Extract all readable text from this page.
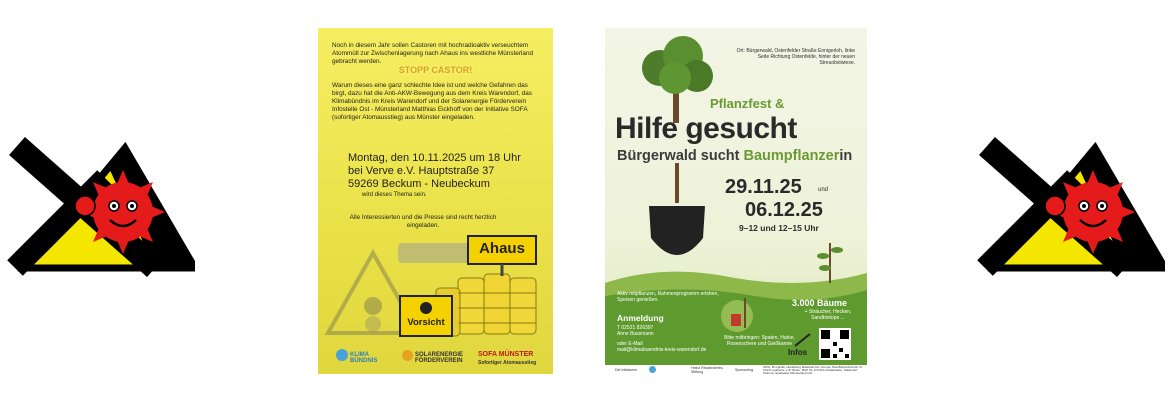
Noch in diesem Jahr sollen Castoren mit hochradioaktiv verseuchtem Atommüll zur Zwischenlagerung nach Ahaus ins westliche Münsterland gebracht werden.
STOPP CASTOR!
Warum dieses eine ganz schlechte Idee ist und welche Gefahren das birgt, dazu hat die Anti-AKW-Bewegung aus dem Kreis Warendorf, das Klimabündnis im Kreis Warendorf und der Solarenergie Förderverein Infostelle Ost - Münsterland Matthias Eickhoff von der Initiative SOFA (sofortiger Atomausstieg) aus Münster eingeladen.
Montag, den 10.11.2025 um 18 Uhr
bei Verve e.V. Hauptstraße 37
59269 Beckum - Neubeckum
wird dieses Thema sein.
Alle Interessierten und die Presse sind recht herzlich eingeladen.
Ahaus
Vorsicht
KLIMA
BÜNDNIS
SOLARENERGIE
FÖRDERVEREIN
SOFA MÜNSTER
Sofortiger Atomausstieg
Ort: Bürgerwald, Ostenfelder Straße Ennigerloh, linke Seite Richtung Ostenfelde, hinter der neuen Streuobstwiese.
Pflanzfest &
Hilfe gesucht
Bürgerwald sucht Baumpflanzerin
29.11.25	und
06.12.25
9–12 und 12–15 Uhr
Aktiv mitpflanzen, Rahmenprogramm erleben, Speisen genießen.
Anmeldung
T 02521 826397
Anne Bussmann
oder E-Mail
mail@klimabuendnis-kreis-warendorf.de
Bitte mitbringen: Spaten, Harke, Rosenschere und Gießkanne
3.000 Bäume
+ Sträucher, Hecken, Sandbiotope ...
Infos
Die Initiatoren	Heinz Reckendrees-Stiftung	Sponsoring
AWG, B Logistik, Heidelberg Materials AG, Kemper Oberflächentechnik, Kl. Ulrich Lauthelse, L.B. Bohle, MSP ÖL & FISCH Kaltabsatze, Kaltendorf Pharma, Sparkasse Münsterland Ost.
